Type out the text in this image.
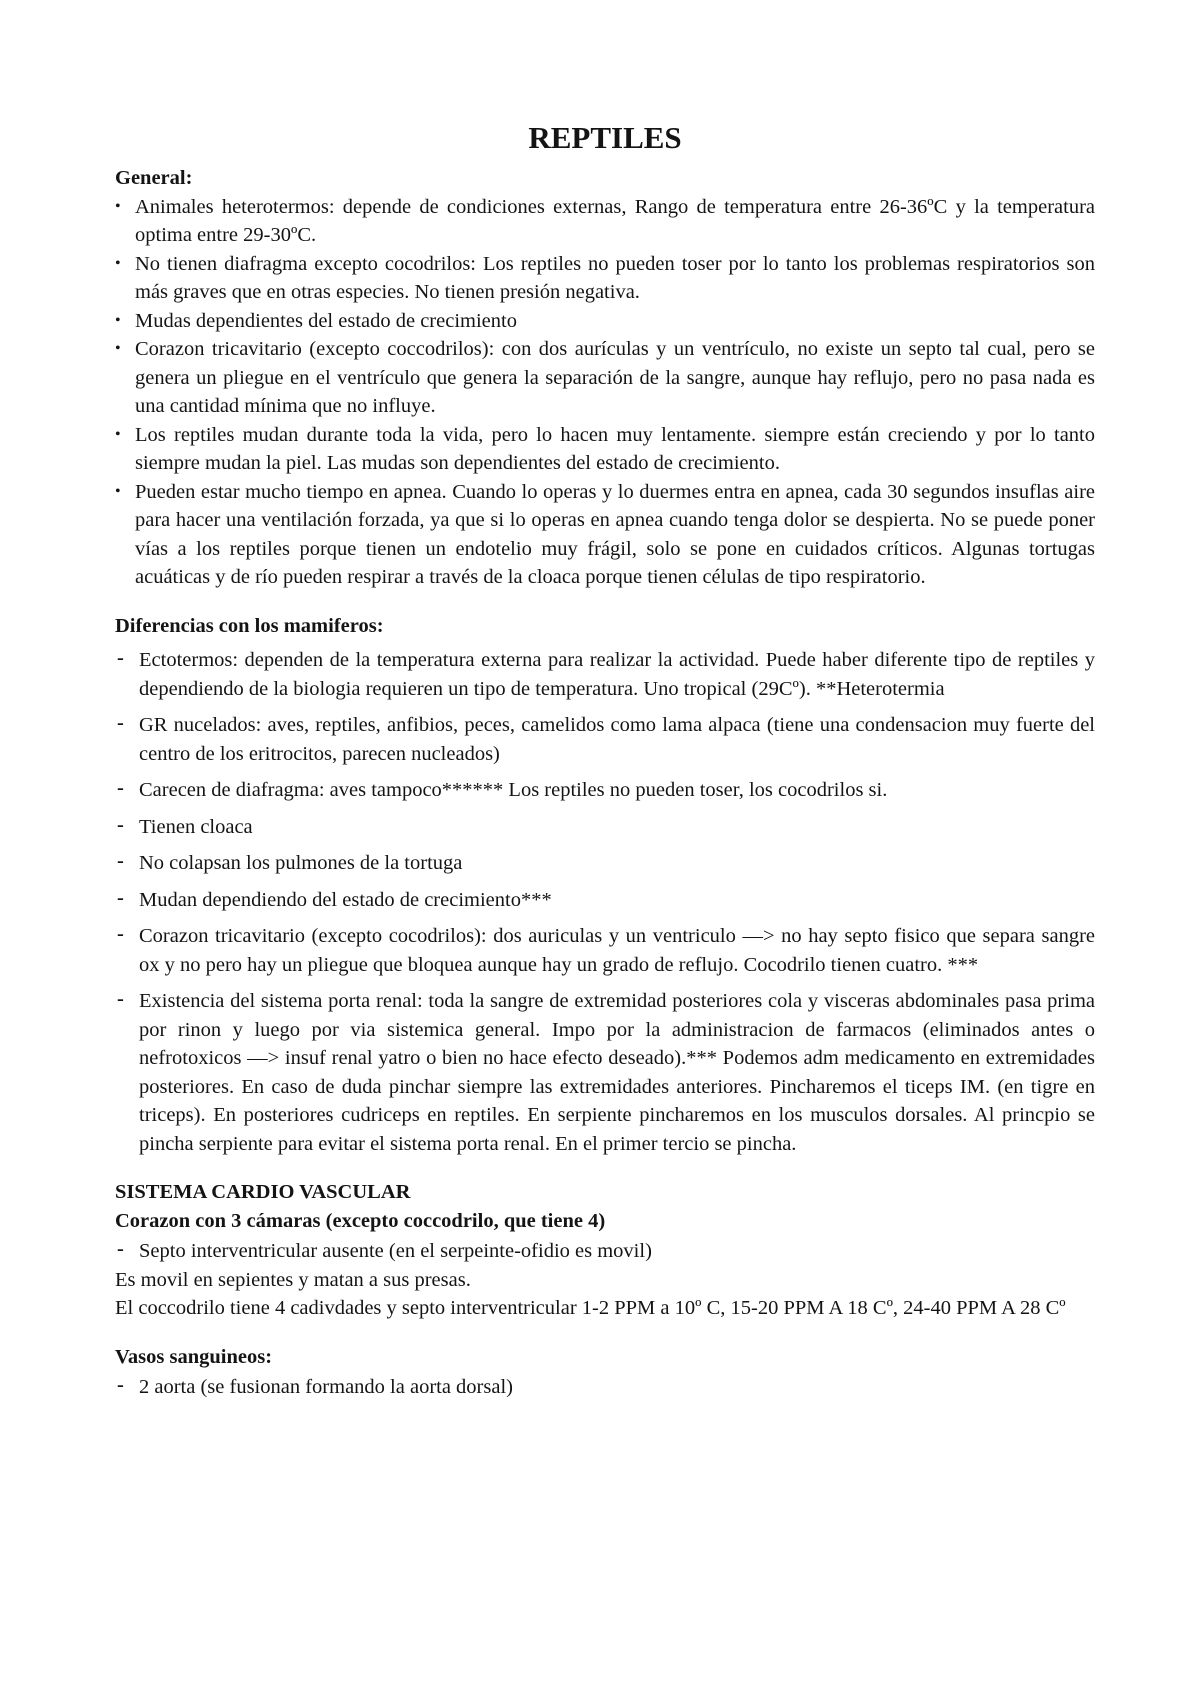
REPTILES

General:

• Animales heterotermos: depende de condiciones externas, Rango de temperatura entre 26-36ºC y la temperatura optima entre 29-30ºC.
• No tienen diafragma excepto cocodrilos: Los reptiles no pueden toser por lo tanto los problemas respiratorios son más graves que en otras especies. No tienen presión negativa.
• Mudas dependientes del estado de crecimiento
• Corazon tricavitario (excepto coccodrilos): con dos aurículas y un ventrículo, no existe un septo tal cual, pero se genera un pliegue en el ventrículo que genera la separación de la sangre, aunque hay reflujo, pero no pasa nada es una cantidad mínima que no influye.
• Los reptiles mudan durante toda la vida, pero lo hacen muy lentamente. siempre están creciendo y por lo tanto siempre mudan la piel. Las mudas son dependientes del estado de crecimiento.
• Pueden estar mucho tiempo en apnea. Cuando lo operas y lo duermes entra en apnea, cada 30 segundos insuflas aire para hacer una ventilación forzada, ya que si lo operas en apnea cuando tenga dolor se despierta. No se puede poner vías a los reptiles porque tienen un endotelio muy frágil, solo se pone en cuidados críticos. Algunas tortugas acuáticas y de río pueden respirar a través de la cloaca porque tienen células de tipo respiratorio.

Diferencias con los mamiferos:

- Ectotermos: dependen de la temperatura externa para realizar la actividad. Puede haber diferente tipo de reptiles y dependiendo de la biologia requieren un tipo de temperatura. Uno tropical (29Cº). **Heterotermia
- GR nucelados: aves, reptiles, anfibios, peces, camelidos como lama alpaca (tiene una condensacion muy fuerte del centro de los eritrocitos, parecen nucleados)
- Carecen de diafragma: aves tampoco****** Los reptiles no pueden toser, los cocodrilos si.
- Tienen cloaca
- No colapsan los pulmones de la tortuga
- Mudan dependiendo del estado de crecimiento***
- Corazon tricavitario (excepto cocodrilos): dos auriculas y un ventriculo —> no hay septo fisico que separa sangre ox y no pero hay un pliegue que bloquea aunque hay un grado de reflujo. Cocodrilo tienen cuatro. ***
- Existencia del sistema porta renal: toda la sangre de extremidad posteriores cola y visceras abdominales pasa prima por rinon y luego por via sistemica general. Impo por la administracion de farmacos (eliminados antes o nefrotoxicos —> insuf renal yatro o bien no hace efecto deseado).*** Podemos adm medicamento en extremidades posteriores. En caso de duda pinchar siempre las extremidades anteriores. Pincharemos el ticeps IM. (en tigre en triceps). En posteriores cudriceps en reptiles. En serpiente pincharemos en los musculos dorsales. Al princpio se pincha serpiente para evitar el sistema porta renal. En el primer tercio se pincha.

SISTEMA CARDIO VASCULAR

Corazon con 3 cámaras (excepto coccodrilo, que tiene 4)

- Septo interventricular ausente (en el serpeinte-ofidio es movil)

Es movil en sepientes y matan a sus presas.

El coccodrilo tiene 4 cadivdades y septo interventricular 1-2 PPM a 10º C, 15-20 PPM A 18 Cº, 24-40 PPM A 28 Cº

Vasos sanguineos:

- 2 aorta (se fusionan formando la aorta dorsal)
